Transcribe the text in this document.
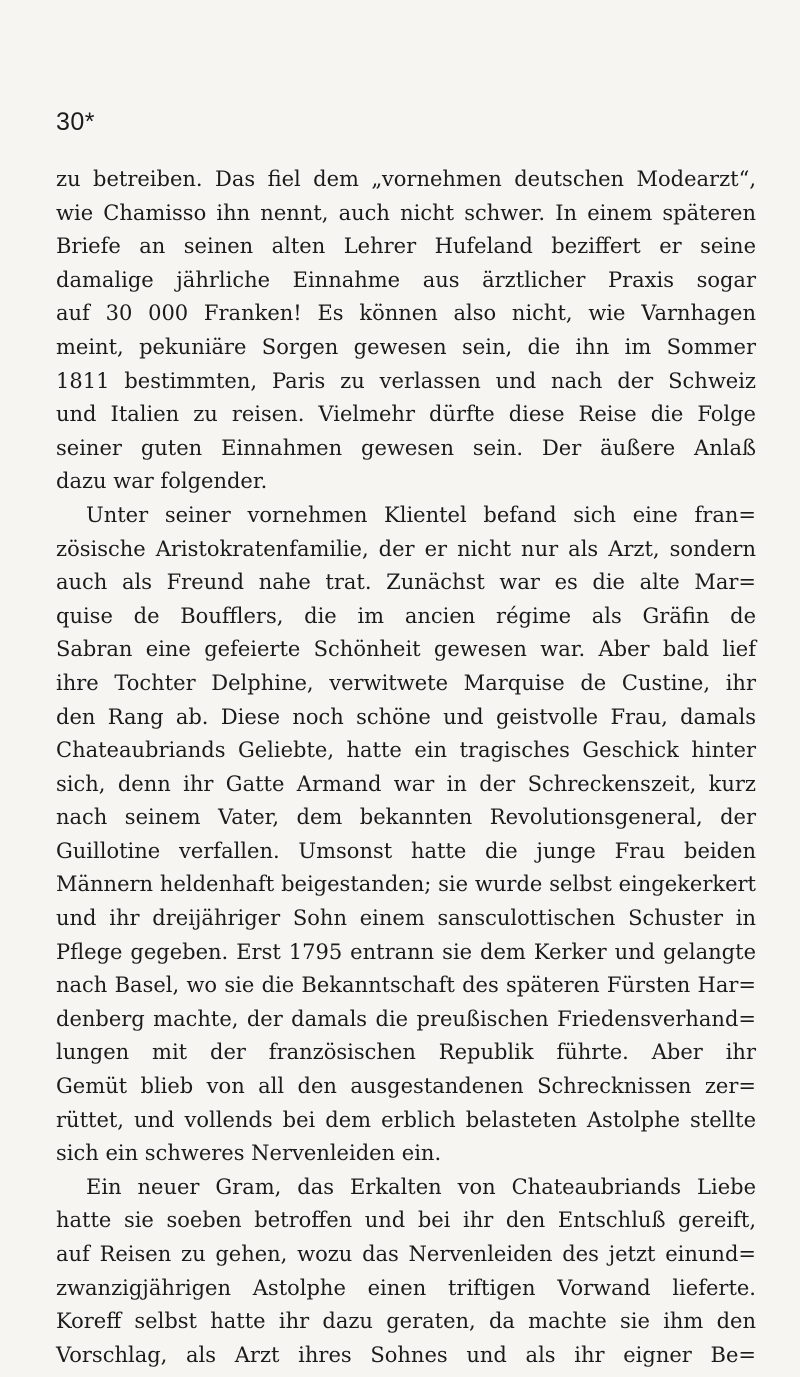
30*
zu betreiben. Das fiel dem „vornehmen deutschen Modearzt“,
wie Chamisso ihn nennt, auch nicht schwer. In einem späteren
Briefe an seinen alten Lehrer Hufeland beziffert er seine
damalige jährliche Einnahme aus ärztlicher Praxis sogar
auf 30 000 Franken! Es können also nicht, wie Varnhagen
meint, pekuniäre Sorgen gewesen sein, die ihn im Sommer
1811 bestimmten, Paris zu verlassen und nach der Schweiz
und Italien zu reisen. Vielmehr dürfte diese Reise die Folge
seiner guten Einnahmen gewesen sein. Der äußere Anlaß
dazu war folgender.
Unter seiner vornehmen Klientel befand sich eine fran=
zösische Aristokratenfamilie, der er nicht nur als Arzt, sondern
auch als Freund nahe trat. Zunächst war es die alte Mar=
quise de Boufflers, die im ancien régime als Gräfin de
Sabran eine gefeierte Schönheit gewesen war. Aber bald lief
ihre Tochter Delphine, verwitwete Marquise de Custine, ihr
den Rang ab. Diese noch schöne und geistvolle Frau, damals
Chateaubriands Geliebte, hatte ein tragisches Geschick hinter
sich, denn ihr Gatte Armand war in der Schreckenszeit, kurz
nach seinem Vater, dem bekannten Revolutionsgeneral, der
Guillotine verfallen. Umsonst hatte die junge Frau beiden
Männern heldenhaft beigestanden; sie wurde selbst eingekerkert
und ihr dreijähriger Sohn einem sansculottischen Schuster in
Pflege gegeben. Erst 1795 entrann sie dem Kerker und gelangte
nach Basel, wo sie die Bekanntschaft des späteren Fürsten Har=
denberg machte, der damals die preußischen Friedensverhand=
lungen mit der französischen Republik führte. Aber ihr
Gemüt blieb von all den ausgestandenen Schrecknissen zer=
rüttet, und vollends bei dem erblich belasteten Astolphe stellte
sich ein schweres Nervenleiden ein.
Ein neuer Gram, das Erkalten von Chateaubriands Liebe
hatte sie soeben betroffen und bei ihr den Entschluß gereift,
auf Reisen zu gehen, wozu das Nervenleiden des jetzt einund=
zwanzigjährigen Astolphe einen triftigen Vorwand lieferte.
Koreff selbst hatte ihr dazu geraten, da machte sie ihm den
Vorschlag, als Arzt ihres Sohnes und als ihr eigner Be=
